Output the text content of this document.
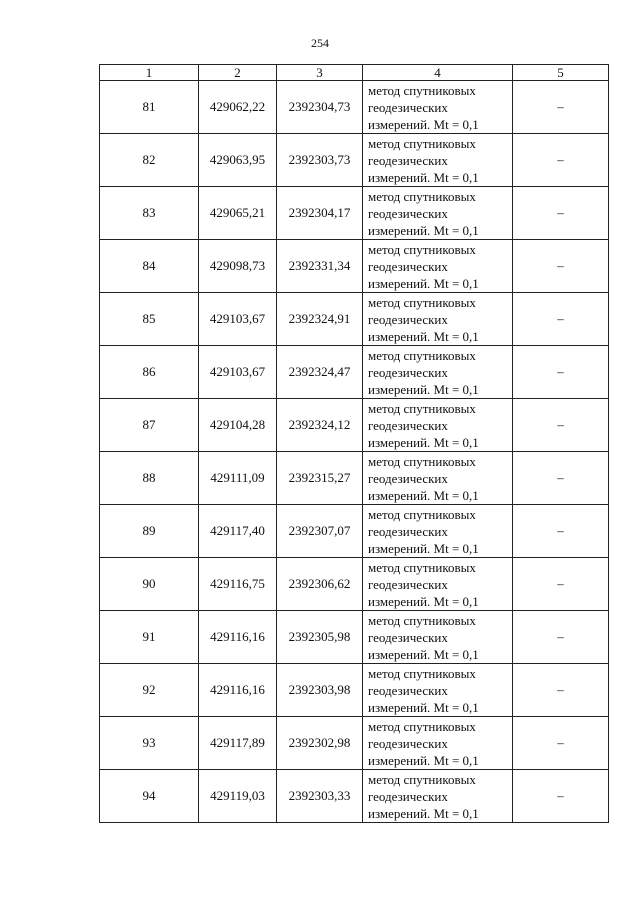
254
1	2	3	4	5
81	429062,22	2392304,73	метод спутниковых
геодезических
измерений. Mt = 0,1	–
82	429063,95	2392303,73	метод спутниковых
геодезических
измерений. Mt = 0,1	–
83	429065,21	2392304,17	метод спутниковых
геодезических
измерений. Mt = 0,1	–
84	429098,73	2392331,34	метод спутниковых
геодезических
измерений. Mt = 0,1	–
85	429103,67	2392324,91	метод спутниковых
геодезических
измерений. Mt = 0,1	–
86	429103,67	2392324,47	метод спутниковых
геодезических
измерений. Mt = 0,1	–
87	429104,28	2392324,12	метод спутниковых
геодезических
измерений. Mt = 0,1	–
88	429111,09	2392315,27	метод спутниковых
геодезических
измерений. Mt = 0,1	–
89	429117,40	2392307,07	метод спутниковых
геодезических
измерений. Mt = 0,1	–
90	429116,75	2392306,62	метод спутниковых
геодезических
измерений. Mt = 0,1	–
91	429116,16	2392305,98	метод спутниковых
геодезических
измерений. Mt = 0,1	–
92	429116,16	2392303,98	метод спутниковых
геодезических
измерений. Mt = 0,1	–
93	429117,89	2392302,98	метод спутниковых
геодезических
измерений. Mt = 0,1	–
94	429119,03	2392303,33	метод спутниковых
геодезических
измерений. Mt = 0,1	–
